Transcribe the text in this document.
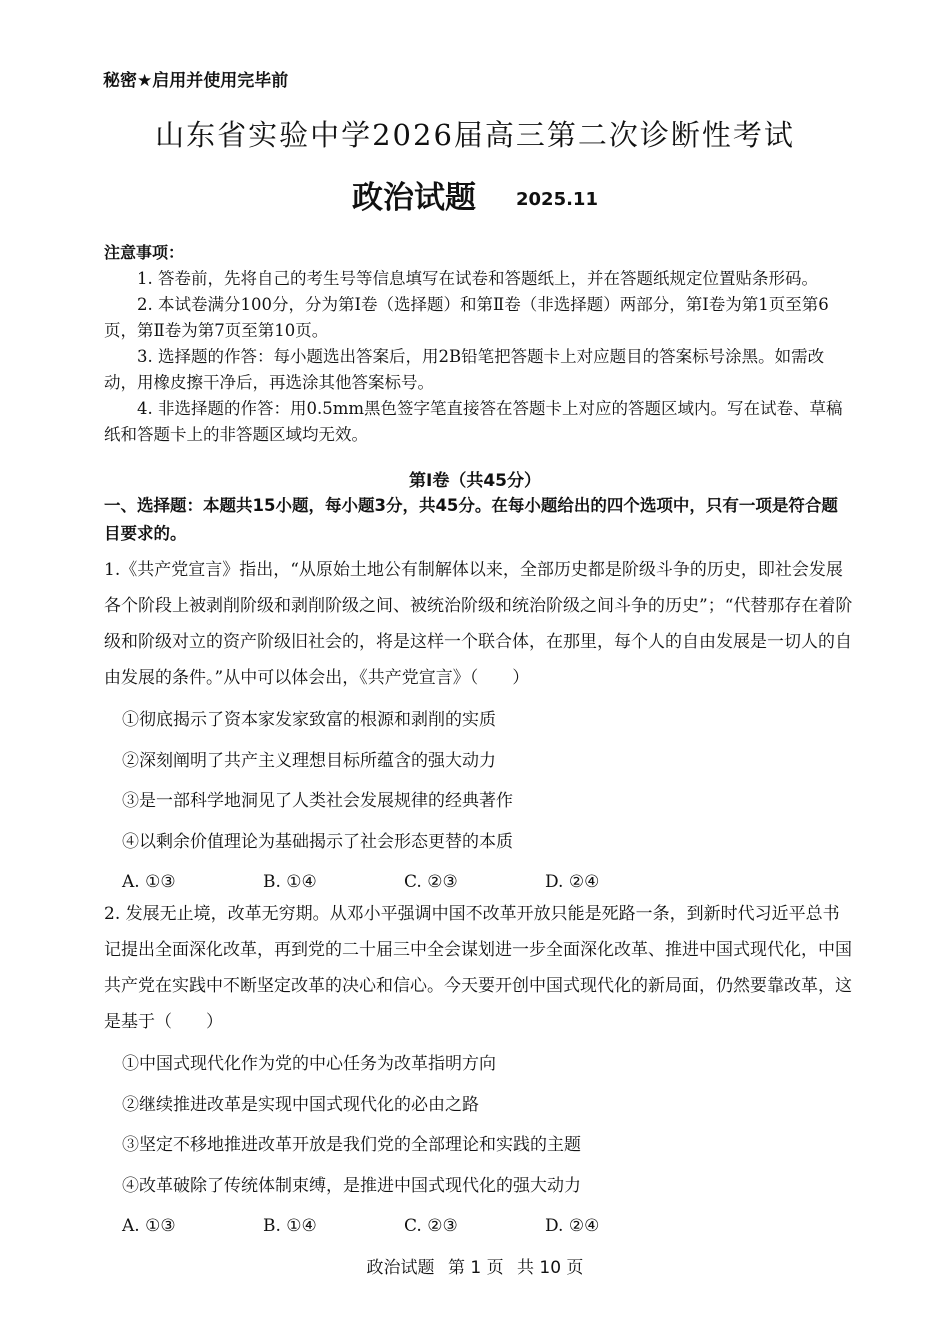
秘密★启用并使用完毕前
山东省实验中学2026届高三第二次诊断性考试
政治试题 2025.11
注意事项：

1. 答卷前，先将自己的考生号等信息填写在试卷和答题纸上，并在答题纸规定位置贴条形码。

2. 本试卷满分100分，分为第Ⅰ卷（选择题）和第Ⅱ卷（非选择题）两部分，第Ⅰ卷为第1页至第6页，第Ⅱ卷为第7页至第10页。

3. 选择题的作答：每小题选出答案后，用2B铅笔把答题卡上对应题目的答案标号涂黑。如需改动，用橡皮擦干净后，再选涂其他答案标号。

4. 非选择题的作答：用0.5mm黑色签字笔直接答在答题卡上对应的答题区域内。写在试卷、草稿纸和答题卡上的非答题区域均无效。

第Ⅰ卷（共45分）
一、选择题：本题共15小题，每小题3分，共45分。在每小题给出的四个选项中，只有一项是符合题目要求的。

1.《共产党宣言》指出，“从原始土地公有制解体以来，全部历史都是阶级斗争的历史，即社会发展各个阶段上被剥削阶级和剥削阶级之间、被统治阶级和统治阶级之间斗争的历史”；“代替那存在着阶级和阶级对立的资产阶级旧社会的，将是这样一个联合体，在那里，每个人的自由发展是一切人的自由发展的条件。”从中可以体会出，《共产党宣言》（　　）

①彻底揭示了资本家发家致富的根源和剥削的实质

②深刻阐明了共产主义理想目标所蕴含的强大动力

③是一部科学地洞见了人类社会发展规律的经典著作

④以剩余价值理论为基础揭示了社会形态更替的本质

A. ①③	B. ①④	C. ②③	D. ②④

2. 发展无止境，改革无穷期。从邓小平强调中国不改革开放只能是死路一条，到新时代习近平总书记提出全面深化改革，再到党的二十届三中全会谋划进一步全面深化改革、推进中国式现代化，中国共产党在实践中不断坚定改革的决心和信心。今天要开创中国式现代化的新局面，仍然要靠改革，这是基于（　　）

①中国式现代化作为党的中心任务为改革指明方向

②继续推进改革是实现中国式现代化的必由之路

③坚定不移地推进改革开放是我们党的全部理论和实践的主题

④改革破除了传统体制束缚，是推进中国式现代化的强大动力

A. ①③	B. ①④	C. ②③	D. ②④
政治试题 第 1 页 共 10 页
